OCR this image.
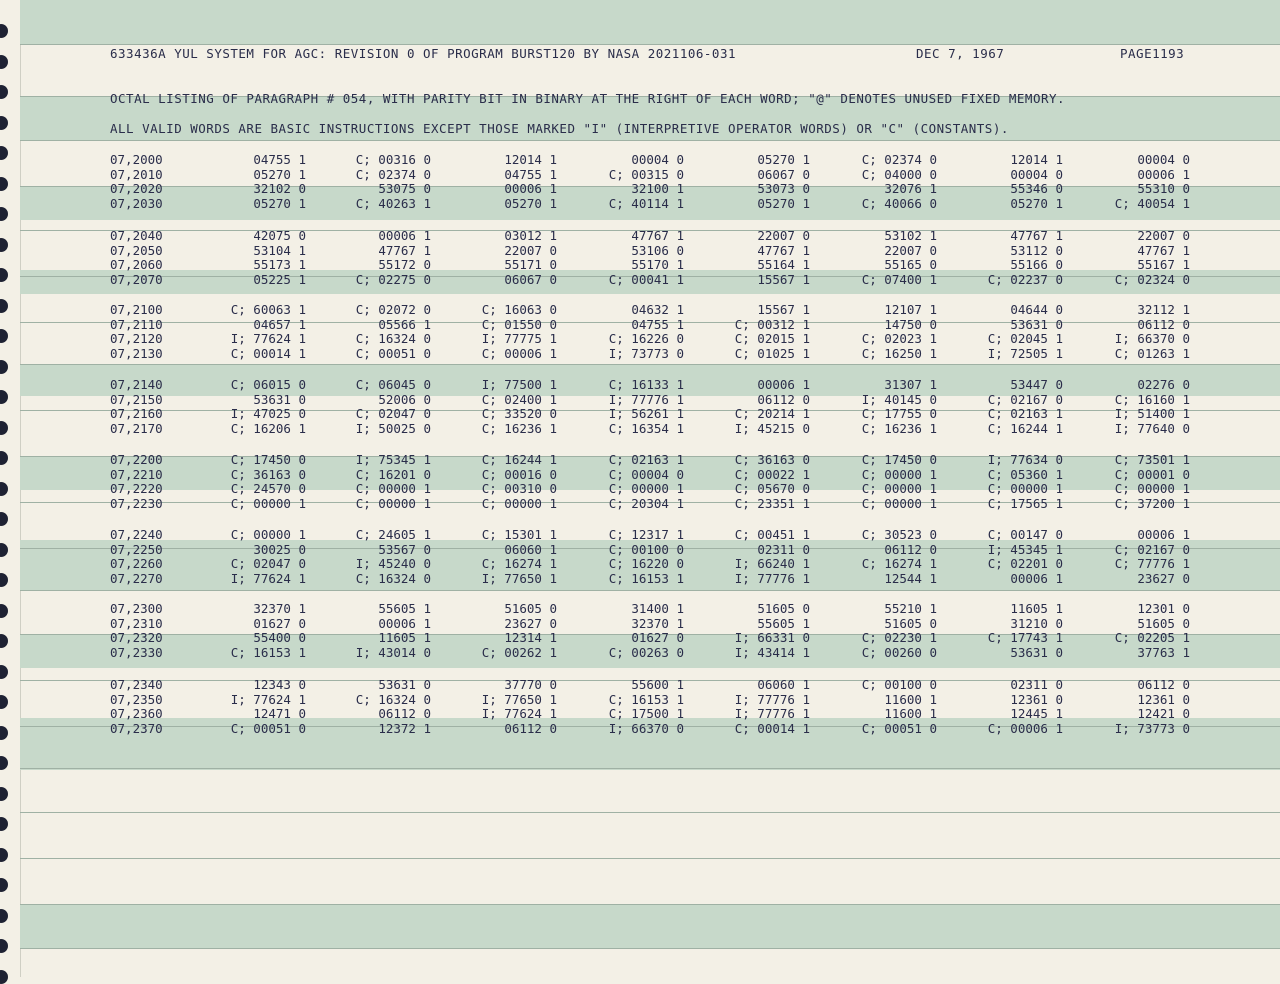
633436A YUL SYSTEM FOR AGC: REVISION 0 OF PROGRAM BURST120 BY NASA 2021106-031	DEC 7, 1967	PAGE1193
OCTAL LISTING OF PARAGRAPH # 054, WITH PARITY BIT IN BINARY AT THE RIGHT OF EACH WORD; "@" DENOTES UNUSED FIXED MEMORY.
ALL VALID WORDS ARE BASIC INSTRUCTIONS EXCEPT THOSE MARKED "I" (INTERPRETIVE OPERATOR WORDS) OR "C" (CONSTANTS).
07,2000	04755 1	C; 00316 0	12014 1	00004 0	05270 1	C; 02374 0	12014 1	00004 0
07,2010	05270 1	C; 02374 0	04755 1	C; 00315 0	06067 0	C; 04000 0	00004 0	00006 1
07,2020	32102 0	53075 0	00006 1	32100 1	53073 0	32076 1	55346 0	55310 0
07,2030	05270 1	C; 40263 1	05270 1	C; 40114 1	05270 1	C; 40066 0	05270 1	C; 40054 1
07,2040	42075 0	00006 1	03012 1	47767 1	22007 0	53102 1	47767 1	22007 0
07,2050	53104 1	47767 1	22007 0	53106 0	47767 1	22007 0	53112 0	47767 1
07,2060	55173 1	55172 0	55171 0	55170 1	55164 1	55165 0	55166 0	55167 1
07,2070	05225 1	C; 02275 0	06067 0	C; 00041 1	15567 1	C; 07400 1	C; 02237 0	C; 02324 0
07,2100	C; 60063 1	C; 02072 0	C; 16063 0	04632 1	15567 1	12107 1	04644 0	32112 1
07,2110	04657 1	05566 1	C; 01550 0	04755 1	C; 00312 1	14750 0	53631 0	06112 0
07,2120	I; 77624 1	C; 16324 0	I; 77775 1	C; 16226 0	C; 02015 1	C; 02023 1	C; 02045 1	I; 66370 0
07,2130	C; 00014 1	C; 00051 0	C; 00006 1	I; 73773 0	C; 01025 1	C; 16250 1	I; 72505 1	C; 01263 1
07,2140	C; 06015 0	C; 06045 0	I; 77500 1	C; 16133 1	00006 1	31307 1	53447 0	02276 0
07,2150	53631 0	52006 0	C; 02400 1	I; 77776 1	06112 0	I; 40145 0	C; 02167 0	C; 16160 1
07,2160	I; 47025 0	C; 02047 0	C; 33520 0	I; 56261 1	C; 20214 1	C; 17755 0	C; 02163 1	I; 51400 1
07,2170	C; 16206 1	I; 50025 0	C; 16236 1	C; 16354 1	I; 45215 0	C; 16236 1	C; 16244 1	I; 77640 0
07,2200	C; 17450 0	I; 75345 1	C; 16244 1	C; 02163 1	C; 36163 0	C; 17450 0	I; 77634 0	C; 73501 1
07,2210	C; 36163 0	C; 16201 0	C; 00016 0	C; 00004 0	C; 00022 1	C; 00000 1	C; 05360 1	C; 00001 0
07,2220	C; 24570 0	C; 00000 1	C; 00310 0	C; 00000 1	C; 05670 0	C; 00000 1	C; 00000 1	C; 00000 1
07,2230	C; 00000 1	C; 00000 1	C; 00000 1	C; 20304 1	C; 23351 1	C; 00000 1	C; 17565 1	C; 37200 1
07,2240	C; 00000 1	C; 24605 1	C; 15301 1	C; 12317 1	C; 00451 1	C; 30523 0	C; 00147 0	00006 1
07,2250	30025 0	53567 0	06060 1	C; 00100 0	02311 0	06112 0	I; 45345 1	C; 02167 0
07,2260	C; 02047 0	I; 45240 0	C; 16274 1	C; 16220 0	I; 66240 1	C; 16274 1	C; 02201 0	C; 77776 1
07,2270	I; 77624 1	C; 16324 0	I; 77650 1	C; 16153 1	I; 77776 1	12544 1	00006 1	23627 0
07,2300	32370 1	55605 1	51605 0	31400 1	51605 0	55210 1	11605 1	12301 0
07,2310	01627 0	00006 1	23627 0	32370 1	55605 1	51605 0	31210 0	51605 0
07,2320	55400 0	11605 1	12314 1	01627 0	I; 66331 0	C; 02230 1	C; 17743 1	C; 02205 1
07,2330	C; 16153 1	I; 43014 0	C; 00262 1	C; 00263 0	I; 43414 1	C; 00260 0	53631 0	37763 1
07,2340	12343 0	53631 0	37770 0	55600 1	06060 1	C; 00100 0	02311 0	06112 0
07,2350	I; 77624 1	C; 16324 0	I; 77650 1	C; 16153 1	I; 77776 1	11600 1	12361 0	12361 0
07,2360	12471 0	06112 0	I; 77624 1	C; 17500 1	I; 77776 1	11600 1	12445 1	12421 0
07,2370	C; 00051 0	12372 1	06112 0	I; 66370 0	C; 00014 1	C; 00051 0	C; 00006 1	I; 73773 0
